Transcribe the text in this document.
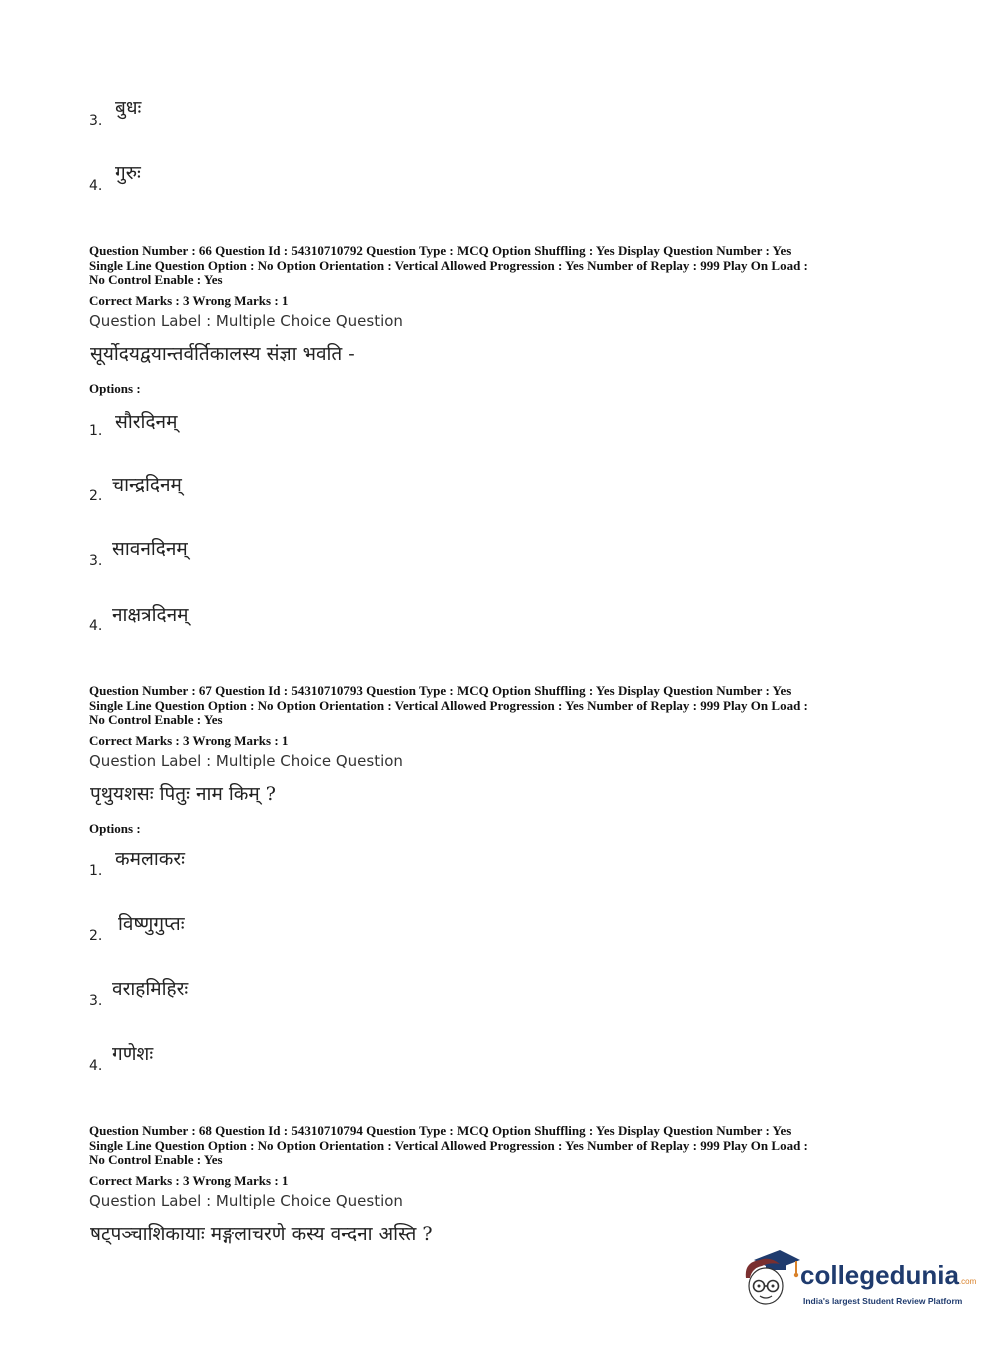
3.
बुधः
4.
गुरुः
Question Number : 66 Question Id : 54310710792 Question Type : MCQ Option Shuffling : Yes Display Question Number : Yes
Single Line Question Option : No Option Orientation : Vertical Allowed Progression : Yes Number of Replay : 999 Play On Load :
No Control Enable : Yes
Correct Marks : 3 Wrong Marks : 1
Question Label : Multiple Choice Question
सूर्योदयद्वयान्तर्वर्तिकालस्य संज्ञा भवति -
Options :
1. सौरदिनम्
2. चान्द्रदिनम्
3.
सावनदिनम्
4. नाक्षत्रदिनम्
Question Number : 67 Question Id : 54310710793 Question Type : MCQ Option Shuffling : Yes Display Question Number : Yes
Single Line Question Option : No Option Orientation : Vertical Allowed Progression : Yes Number of Replay : 999 Play On Load :
No Control Enable : Yes
Correct Marks : 3 Wrong Marks : 1
Question Label : Multiple Choice Question
पृथुयशसः पितुः नाम किम् ?
Options :
1.
कमलाकरः
2.
विष्णुगुप्तः
3.
वराहमिहिरः
4.
गणेशः
Question Number : 68 Question Id : 54310710794 Question Type : MCQ Option Shuffling : Yes Display Question Number : Yes
Single Line Question Option : No Option Orientation : Vertical Allowed Progression : Yes Number of Replay : 999 Play On Load :
No Control Enable : Yes
Correct Marks : 3 Wrong Marks : 1
Question Label : Multiple Choice Question
षट्पञ्चाशिकायाः मङ्गलाचरणे कस्य वन्दना अस्ति ?
collegedunia.com
India's largest Student Review Platform
